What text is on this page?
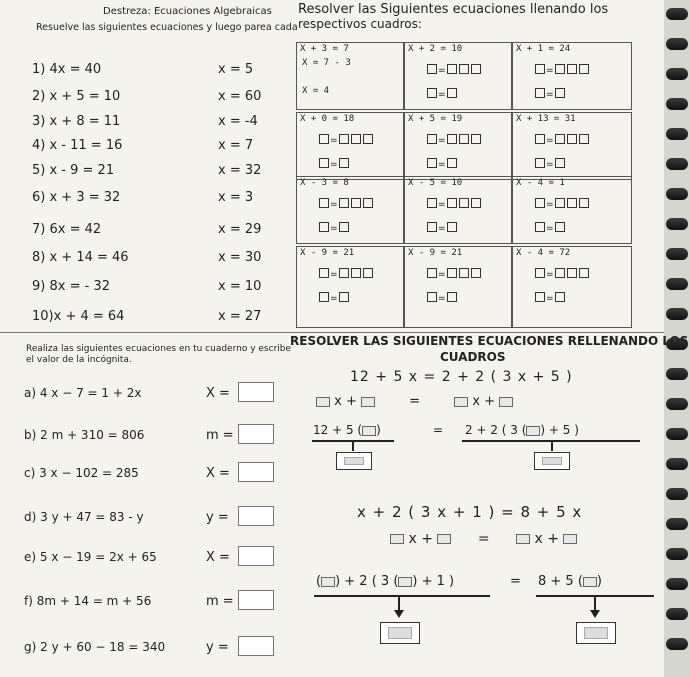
Destreza: Ecuaciones Algebraicas
Resuelve las siguientes ecuaciones y luego parea cada
1) 4x = 40	x = 5
2) x + 5 = 10	x = 60
3) x + 8 = 11	x = -4
4) x - 11 = 16	x = 7
5) x - 9 = 21	x = 32
6) x + 3 = 32	x = 3
7) 6x = 42	x = 29
8) x + 14 = 46	x = 30
9) 8x = - 32	x = 10
10)x + 4 = 64	x = 27
Resolver las Siguientes ecuaciones llenando los
respectivos cuadros:
X + 3 = 7
X = 7 - 3
X = 4
X + 2 = 10
=
=
X + 1 = 24
=
=
X + 0 = 18
=
=
X + 5 = 19
=
=
X + 13 = 31
=
=
X - 3 = 8
=
=
X - 5 = 10
=
=
X - 4 = 1
=
=
X - 9 = 21
=
=
X - 9 = 21
=
=
X - 4 = 72
=
=
Realiza las siguientes ecuaciones en tu cuaderno y escribe
el valor de la incógnita.
a) 4 x − 7 = 1 + 2x	X =
b) 2 m + 310 = 806	m =
c) 3 x − 102 = 285	X =
d) 3 y + 47 = 83 - y	y =
e) 5 x − 19 = 2x + 65	X =
f) 8m + 14 = m + 56	m =
g) 2 y + 60 − 18 = 340	y =
RESOLVER LAS SIGUIENTES ECUACIONES RELLENANDO LOS
CUADROS
12 + 5 x = 2 + 2 ( 3 x + 5 )
x +	=	x +
12 + 5 ( )	= 2 + 2 ( 3 ( ) + 5 )
x + 2 ( 3 x + 1 ) = 8 + 5 x
x +	=	x +
( ) + 2 ( 3 ( ) + 1 )	= 8 + 5 ( )
